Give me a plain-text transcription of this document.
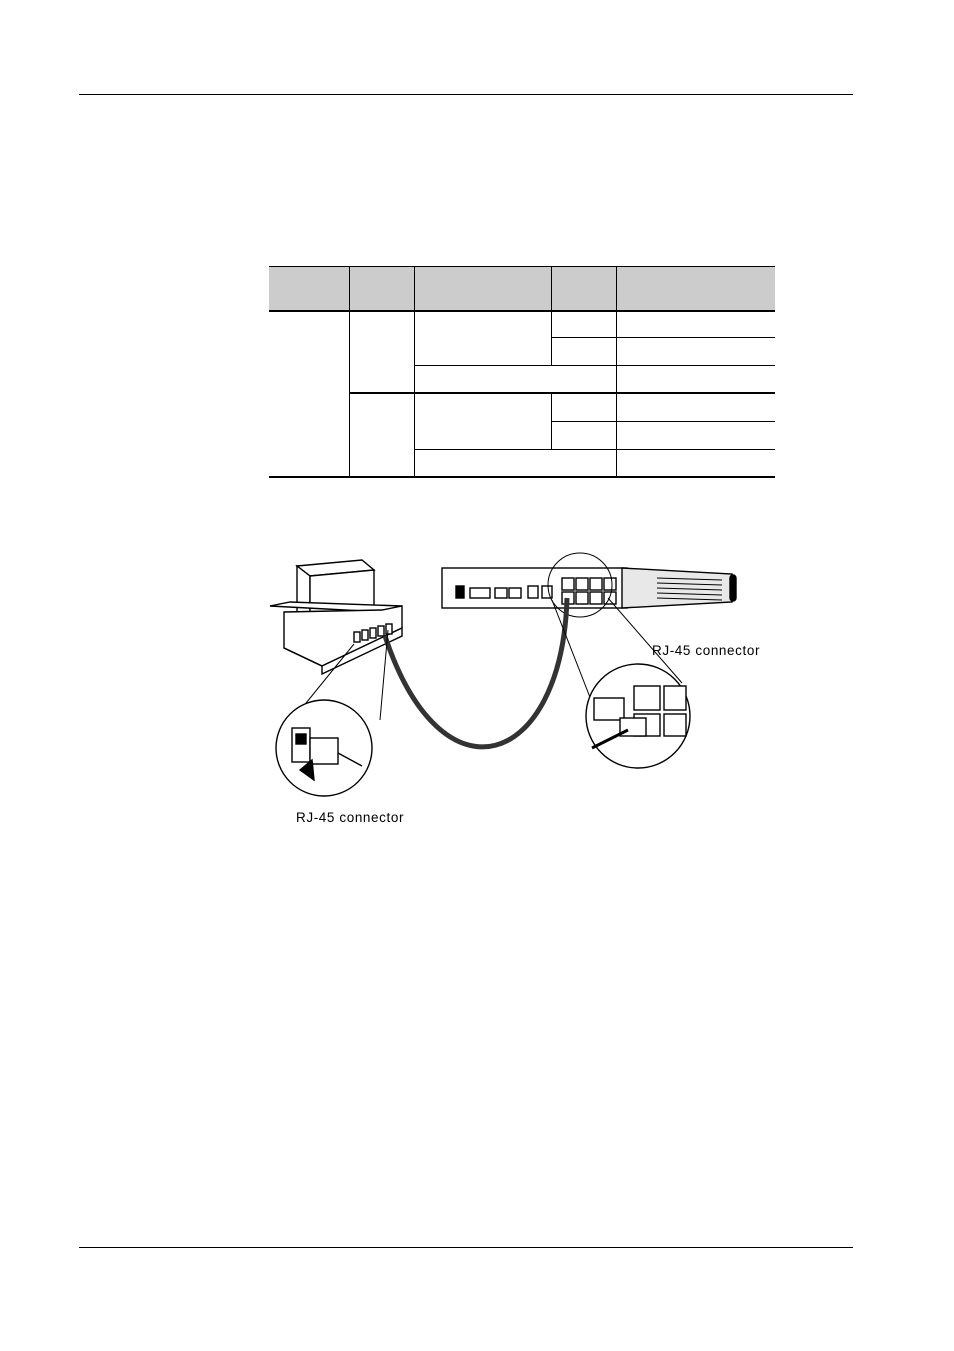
RJ-45 connector
RJ-45 connector
